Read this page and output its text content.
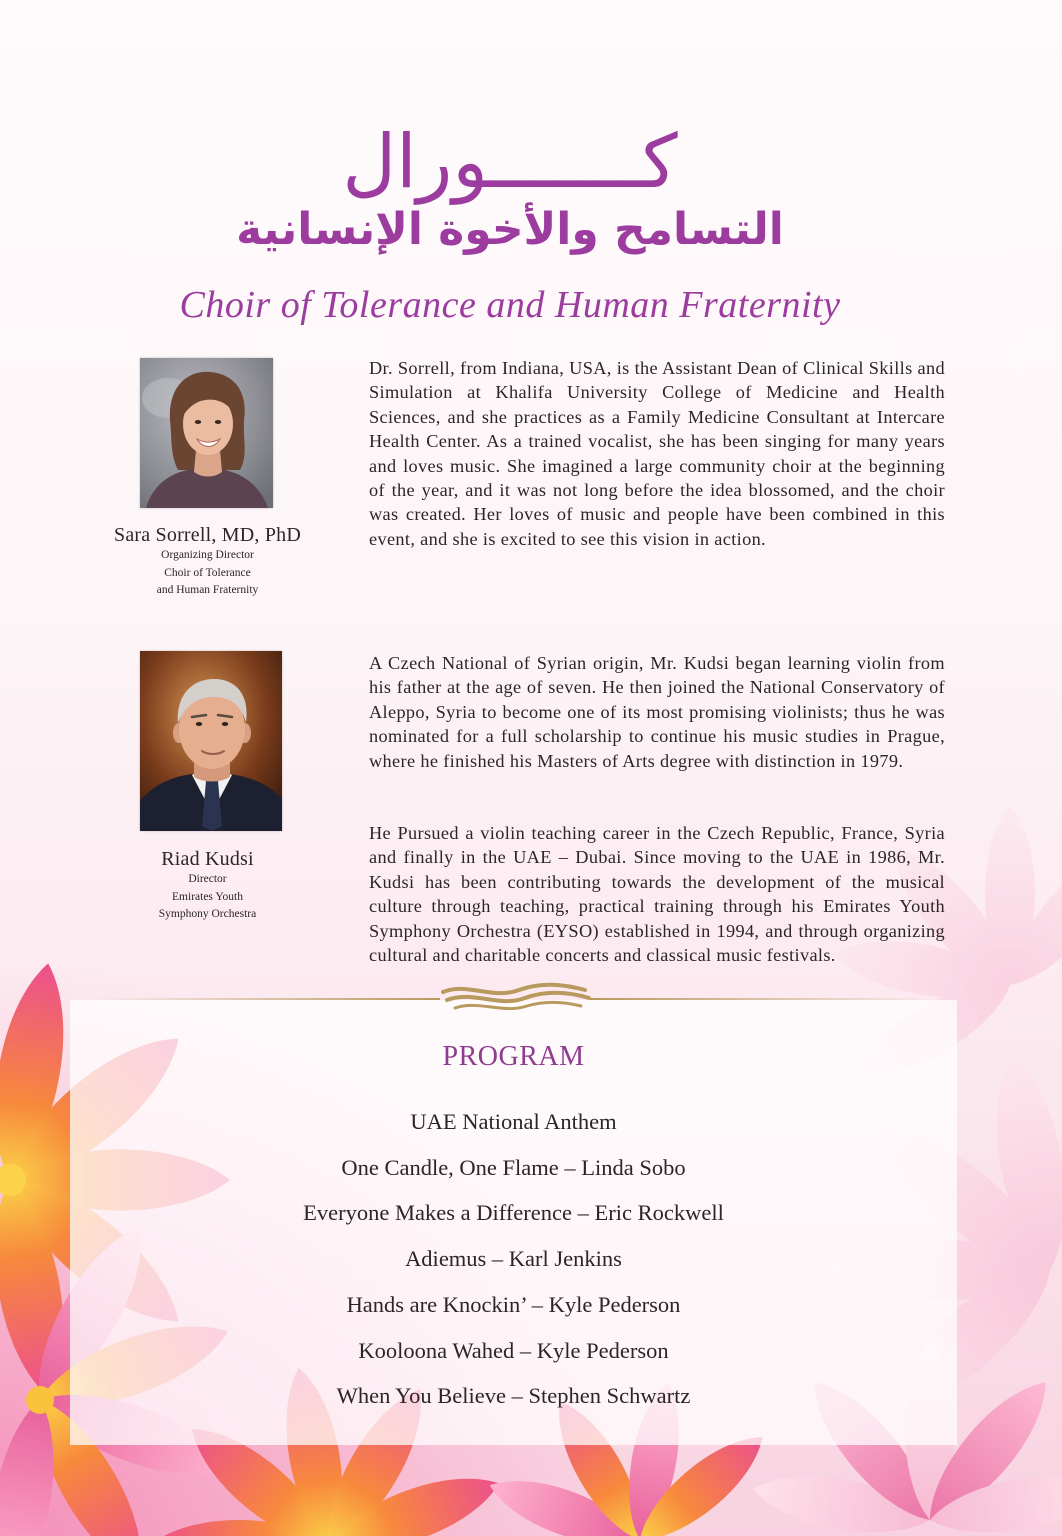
كـــــــورال
التسامح والأخوة الإنسانية
Choir of Tolerance and Human Fraternity
Sara Sorrell, MD, PhD
Organizing Director
Choir of Tolerance
and Human Fraternity

Dr. Sorrell, from Indiana, USA, is the Assistant Dean of Clinical Skills and Simulation at Khalifa University College of Medicine and Health Sciences, and she practices as a Family Medicine Consultant at Intercare Health Center. As a trained vocalist, she has been singing for many years and loves music. She imagined a large community choir at the beginning of the year, and it was not long before the idea blossomed, and the choir was created. Her loves of music and people have been combined in this event, and she is excited to see this vision in action.

Riad Kudsi
Director
Emirates Youth
Symphony Orchestra

A Czech National of Syrian origin, Mr. Kudsi began learning violin from his father at the age of seven. He then joined the National Conservatory of Aleppo, Syria to become one of its most promising violinists; thus he was nominated for a full scholarship to continue his music studies in Prague, where he finished his Masters of Arts degree with distinction in 1979.

He Pursued a violin teaching career in the Czech Republic, France, Syria and finally in the UAE – Dubai. Since moving to the UAE in 1986, Mr. Kudsi has been contributing towards the development of the musical culture through teaching, practical training through his Emirates Youth Symphony Orchestra (EYSO) established in 1994, and through organizing cultural and charitable concerts and classical music festivals.

PROGRAM
UAE National Anthem
One Candle, One Flame – Linda Sobo
Everyone Makes a Difference – Eric Rockwell
Adiemus – Karl Jenkins
Hands are Knockin’ – Kyle Pederson
Kooloona Wahed – Kyle Pederson
When You Believe – Stephen Schwartz
